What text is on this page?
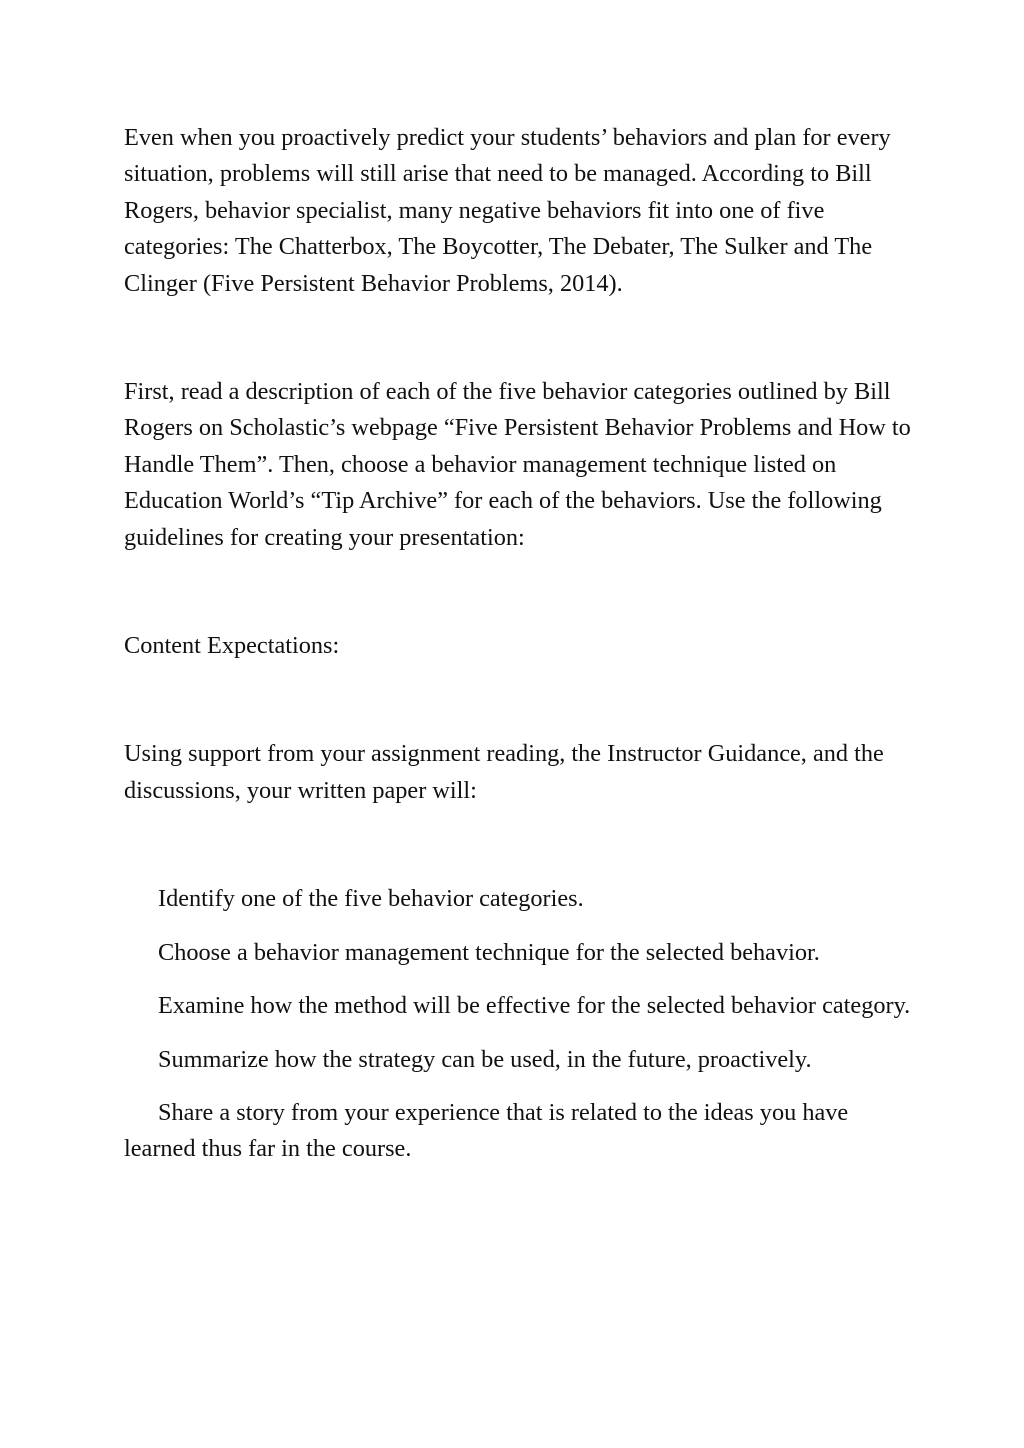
Even when you proactively predict your students’ behaviors and plan for every situation, problems will still arise that need to be managed. According to Bill Rogers, behavior specialist, many negative behaviors fit into one of five categories: The Chatterbox, The Boycotter, The Debater, The Sulker and The Clinger (Five Persistent Behavior Problems, 2014).

First, read a description of each of the five behavior categories outlined by Bill Rogers on Scholastic’s webpage “Five Persistent Behavior Problems and How to Handle Them”. Then, choose a behavior management technique listed on Education World’s “Tip Archive” for each of the behaviors. Use the following guidelines for creating your presentation:

Content Expectations:

Using support from your assignment reading, the Instructor Guidance, and the discussions, your written paper will:

Identify one of the five behavior categories.

Choose a behavior management technique for the selected behavior.

Examine how the method will be effective for the selected behavior category.

Summarize how the strategy can be used, in the future, proactively.

Share a story from your experience that is related to the ideas you have learned thus far in the course.
